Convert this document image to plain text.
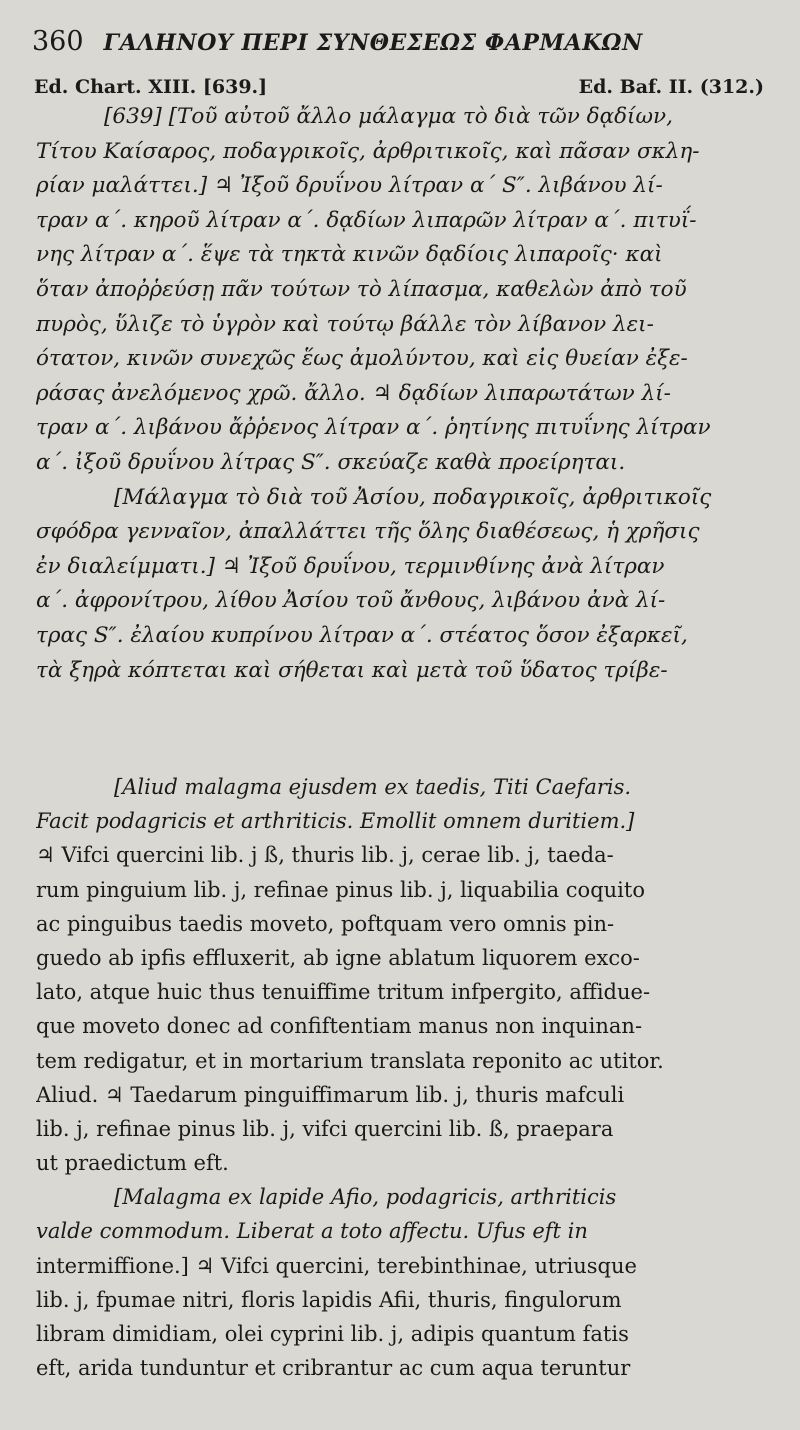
360 ΓΑΛΗΝΟΥ ΠΕΡΙ ΣΥΝΘΕΣΕΩΣ ΦΑΡΜΑΚΩΝ
Ed. Chart. XIII. [639.]	Ed. Baf. II. (312.)
[639] [Τοῦ αὐτοῦ ἄλλο μάλαγμα τὸ διὰ τῶν δᾳδίων,
Τίτου Καίσαρος, ποδαγρικοῖς, ἀρθριτικοῖς, καὶ πᾶσαν σκλη-
ρίαν μαλάττει.] ♃ Ἰξοῦ δρυΐνου λίτραν α΄ S″. λιβάνου λί-
τραν α΄. κηροῦ λίτραν α΄. δᾳδίων λιπαρῶν λίτραν α΄. πιτυΐ-
νης λίτραν α΄. ἕψε τὰ τηκτὰ κινῶν δᾳδίοις λιπαροῖς· καὶ
ὅταν ἀποῤῥεύσῃ πᾶν τούτων τὸ λίπασμα, καθελὼν ἀπὸ τοῦ
πυρὸς, ὕλιζε τὸ ὑγρὸν καὶ τούτῳ βάλλε τὸν λίβανον λει-
ότατον, κινῶν συνεχῶς ἕως ἀμολύντου, καὶ εἰς θυείαν ἐξε-
ράσας ἀνελόμενος χρῶ. ἄλλο. ♃ δᾳδίων λιπαρωτάτων λί-
τραν α΄. λιβάνου ἄῤῥενος λίτραν α΄. ῥητίνης πιτυΐνης λίτραν
α΄. ἰξοῦ δρυΐνου λίτρας S″. σκεύαζε καθὰ προείρηται.
[Μάλαγμα τὸ διὰ τοῦ Ἀσίου, ποδαγρικοῖς, ἀρθριτικοῖς
σφόδρα γενναῖον, ἀπαλλάττει τῆς ὅλης διαθέσεως, ἡ χρῆσις
ἐν διαλείμματι.] ♃ Ἰξοῦ δρυΐνου, τερμινθίνης ἀνὰ λίτραν
α΄. ἀφρονίτρου, λίθου Ἀσίου τοῦ ἄνθους, λιβάνου ἀνὰ λί-
τρας S″. ἐλαίου κυπρίνου λίτραν α΄. στέατος ὅσον ἐξαρκεῖ,
τὰ ξηρὰ κόπτεται καὶ σήθεται καὶ μετὰ τοῦ ὕδατος τρίβε-
[Aliud malagma ejusdem ex taedis, Titi Caefaris.
Facit podagricis et arthriticis. Emollit omnem duritiem.]
♃ Vifci quercini lib. j ß, thuris lib. j, cerae lib. j, taeda-
rum pinguium lib. j, refinae pinus lib. j, liquabilia coquito
ac pinguibus taedis moveto, poftquam vero omnis pin-
guedo ab ipfis effluxerit, ab igne ablatum liquorem exco-
lato, atque huic thus tenuiffime tritum infpergito, affidue-
que moveto donec ad confiftentiam manus non inquinan-
tem redigatur, et in mortarium translata reponito ac utitor.
Aliud. ♃ Taedarum pinguiffimarum lib. j, thuris mafculi
lib. j, refinae pinus lib. j, vifci quercini lib. ß, praepara
ut praedictum eft.
[Malagma ex lapide Afio, podagricis, arthriticis
valde commodum. Liberat a toto affectu. Ufus eft in
intermiffione.] ♃ Vifci quercini, terebinthinae, utriusque
lib. j, fpumae nitri, floris lapidis Afii, thuris, fingulorum
libram dimidiam, olei cyprini lib. j, adipis quantum fatis
eft, arida tunduntur et cribrantur ac cum aqua teruntur
